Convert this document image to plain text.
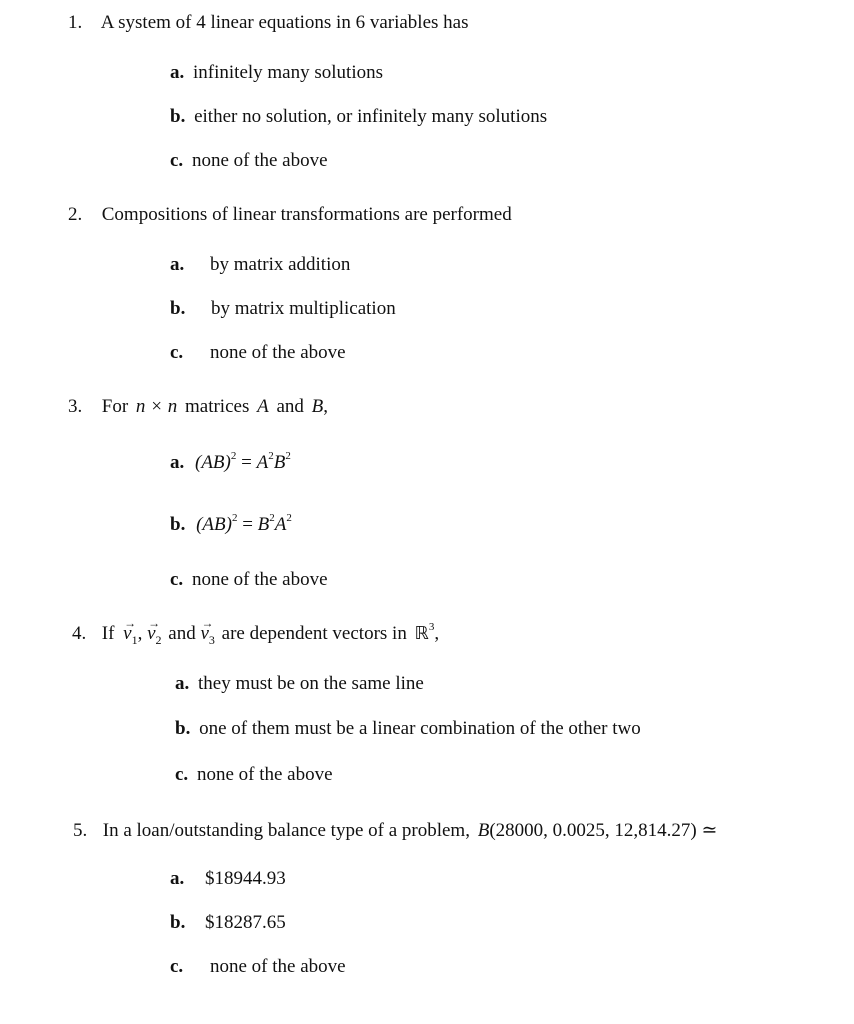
1. A system of 4 linear equations in 6 variables has
a. infinitely many solutions
b. either no solution, or infinitely many solutions
c. none of the above
2. Compositions of linear transformations are performed
a. by matrix addition
b. by matrix multiplication
c. none of the above
3. For n × n matrices A and B,
a. $(AB)^2 = A^2B^2$
b. $(AB)^2 = B^2A^2$
c. none of the above
4. $If \to v_1$, → $v_2$ and → $v_3$ are dependent vectors in ℝ$^3$,
a. they must be on the same line
b. one of them must be a linear combination of the other two
c. none of the above
5. In a loan/outstanding balance type of a problem, B(28000, 0.0025, 12,814.27) ≃
a. $18944.93
b. $18287.65
c. none of the above
